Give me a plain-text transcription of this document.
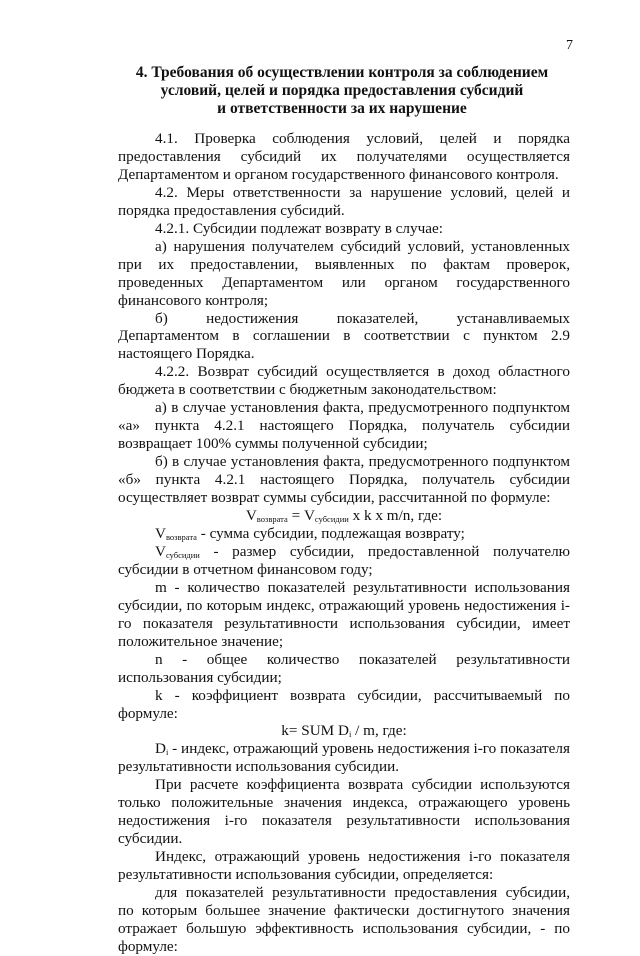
7
4. Требования об осуществлении контроля за соблюдением
условий, целей и порядка предоставления субсидий
и ответственности за их нарушение

4.1. Проверка соблюдения условий, целей и порядка предоставления субсидий их получателями осуществляется Департаментом и органом государственного финансового контроля.

4.2. Меры ответственности за нарушение условий, целей и порядка предоставления субсидий.

4.2.1. Субсидии подлежат возврату в случае:

а) нарушения получателем субсидий условий, установленных при их предоставлении, выявленных по фактам проверок, проведенных Департаментом или органом государственного финансового контроля;

б) недостижения показателей, устанавливаемых Департаментом в соглашении в соответствии с пунктом 2.9 настоящего Порядка.

4.2.2. Возврат субсидий осуществляется в доход областного бюджета в соответствии с бюджетным законодательством:

а) в случае установления факта, предусмотренного подпунктом «а» пункта 4.2.1 настоящего Порядка, получатель субсидии возвращает 100% суммы полученной субсидии;

б) в случае установления факта, предусмотренного подпунктом «б» пункта 4.2.1 настоящего Порядка, получатель субсидии осуществляет возврат суммы субсидии, рассчитанной по формуле:

$V_{возврата} = V_{субсидии}$ x k x m/n, где:

$V_{возврата}$ - сумма субсидии, подлежащая возврату;

$V_{субсидии}$ - размер субсидии, предоставленной получателю субсидии в отчетном финансовом году;

m - количество показателей результативности использования субсидии, по которым индекс, отражающий уровень недостижения i-го показателя результативности использования субсидии, имеет положительное значение;

n - общее количество показателей результативности использования субсидии;

k - коэффициент возврата субсидии, рассчитываемый по формуле:

k= SUM $D_i$ / m, где:

$D_i$ - индекс, отражающий уровень недостижения i-го показателя результативности использования субсидии.

При расчете коэффициента возврата субсидии используются только положительные значения индекса, отражающего уровень недостижения i-го показателя результативности использования субсидии.

Индекс, отражающий уровень недостижения i-го показателя результативности использования субсидии, определяется:

для показателей результативности предоставления субсидии, по которым большее значение фактически достигнутого значения отражает большую эффективность использования субсидии, - по формуле:
